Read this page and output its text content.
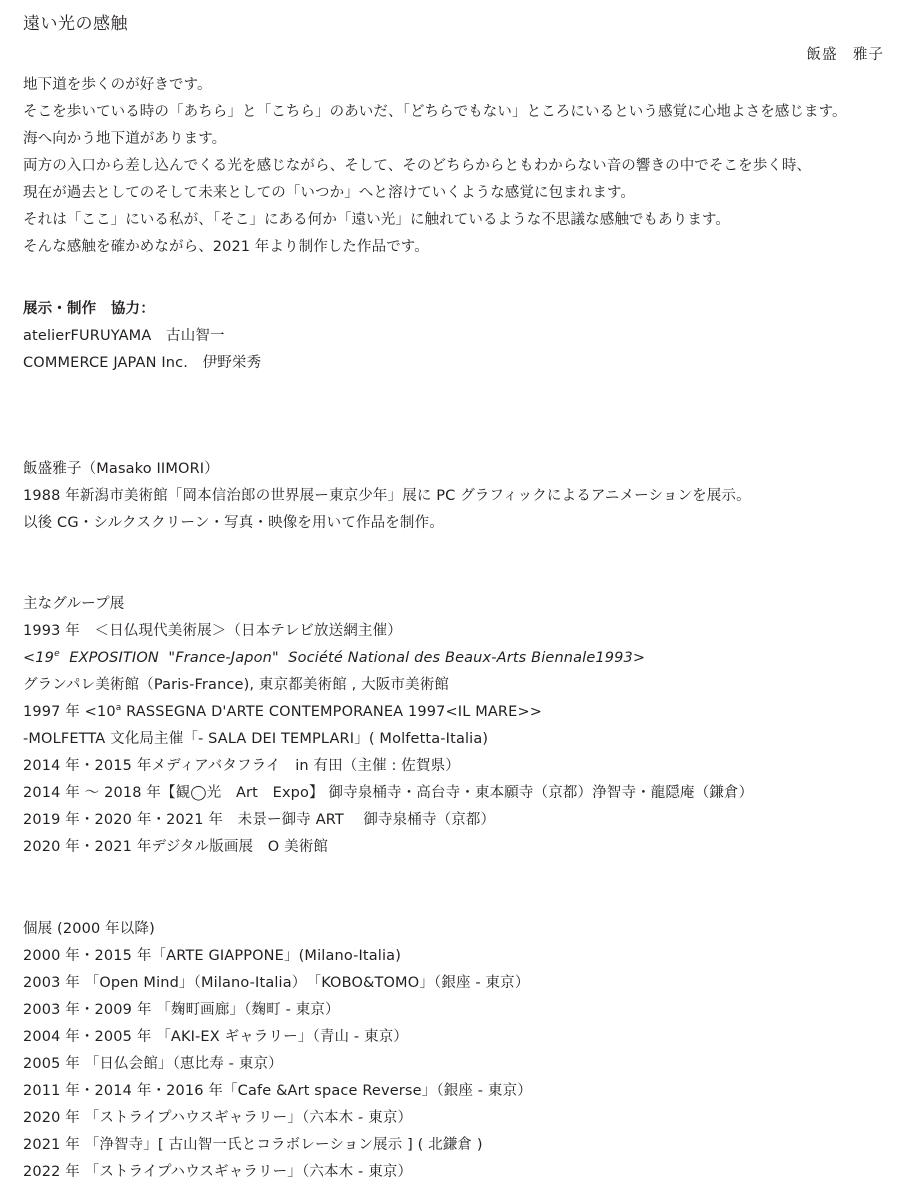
遠い光の感触
飯盛　雅子
地下道を歩くのが好きです。
そこを歩いている時の「あちら」と「こちら」のあいだ、「どちらでもない」ところにいるという感覚に心地よさを感じます。
海へ向かう地下道があります。
両方の入口から差し込んでくる光を感じながら、そして、そのどちらからともわからない音の響きの中でそこを歩く時、
現在が過去としてのそして未来としての「いつか」へと溶けていくような感覚に包まれます。
それは「ここ」にいる私が、「そこ」にある何か「遠い光」に触れているような不思議な感触でもあります。
そんな感触を確かめながら、2021 年より制作した作品です。
展示・制作　協力：
atelierFURUYAMA　古山智一
COMMERCE JAPAN Inc.　伊野栄秀
飯盛雅子（Masako IIMORI）
1988 年新潟市美術館「岡本信治郎の世界展ー東京少年」展に PC グラフィックによるアニメーションを展示。
以後 CG・シルクスクリーン・写真・映像を用いて作品を制作。
主なグループ展
1993 年　＜日仏現代美術展＞（日本テレビ放送網主催）
$<19^e$  EXPOSITION  "France-Japon"  Société National des Beaux-Arts Biennale1993>
グランパレ美術館（Paris-France), 東京都美術館 , 大阪市美術館
1997 年 $<10^a$ RASSEGNA D'ARTE CONTEMPORANEA 1997<IL MARE>>
-MOLFETTA 文化局主催「- SALA DEI TEMPLARI」( Molfetta-Italia)
2014 年・2015 年メディアバタフライ　in 有田（主催 : 佐賀県）
2014 年 〜 2018 年【観◯光　Art　Expo】 御寺泉桶寺・高台寺・東本願寺（京都）浄智寺・龍隠庵（鎌倉）
2019 年・2020 年・2021 年　未景ー御寺 ART　 御寺泉桶寺（京都）
2020 年・2021 年デジタル版画展　O 美術館
個展 (2000 年以降)
2000 年・2015 年「ARTE GIAPPONE」(Milano-Italia)
2003 年 「Open Mind」（Milano-Italia）　「KOBO&TOMO」（銀座 - 東京）
2003 年・2009 年 「麹町画廊」（麹町 - 東京）
2004 年・2005 年 「AKI-EX ギャラリー」（青山 - 東京）
2005 年 「日仏会館」（恵比寿 - 東京）
2011 年・2014 年・2016 年「Cafe &Art space Reverse」（銀座 - 東京）
2020 年 「ストライプハウスギャラリー」（六本木 - 東京）
2021 年 「浄智寺」[ 古山智一氏とコラボレーション展示 ] ( 北鎌倉 )
2022 年 「ストライプハウスギャラリー」（六本木 - 東京）
